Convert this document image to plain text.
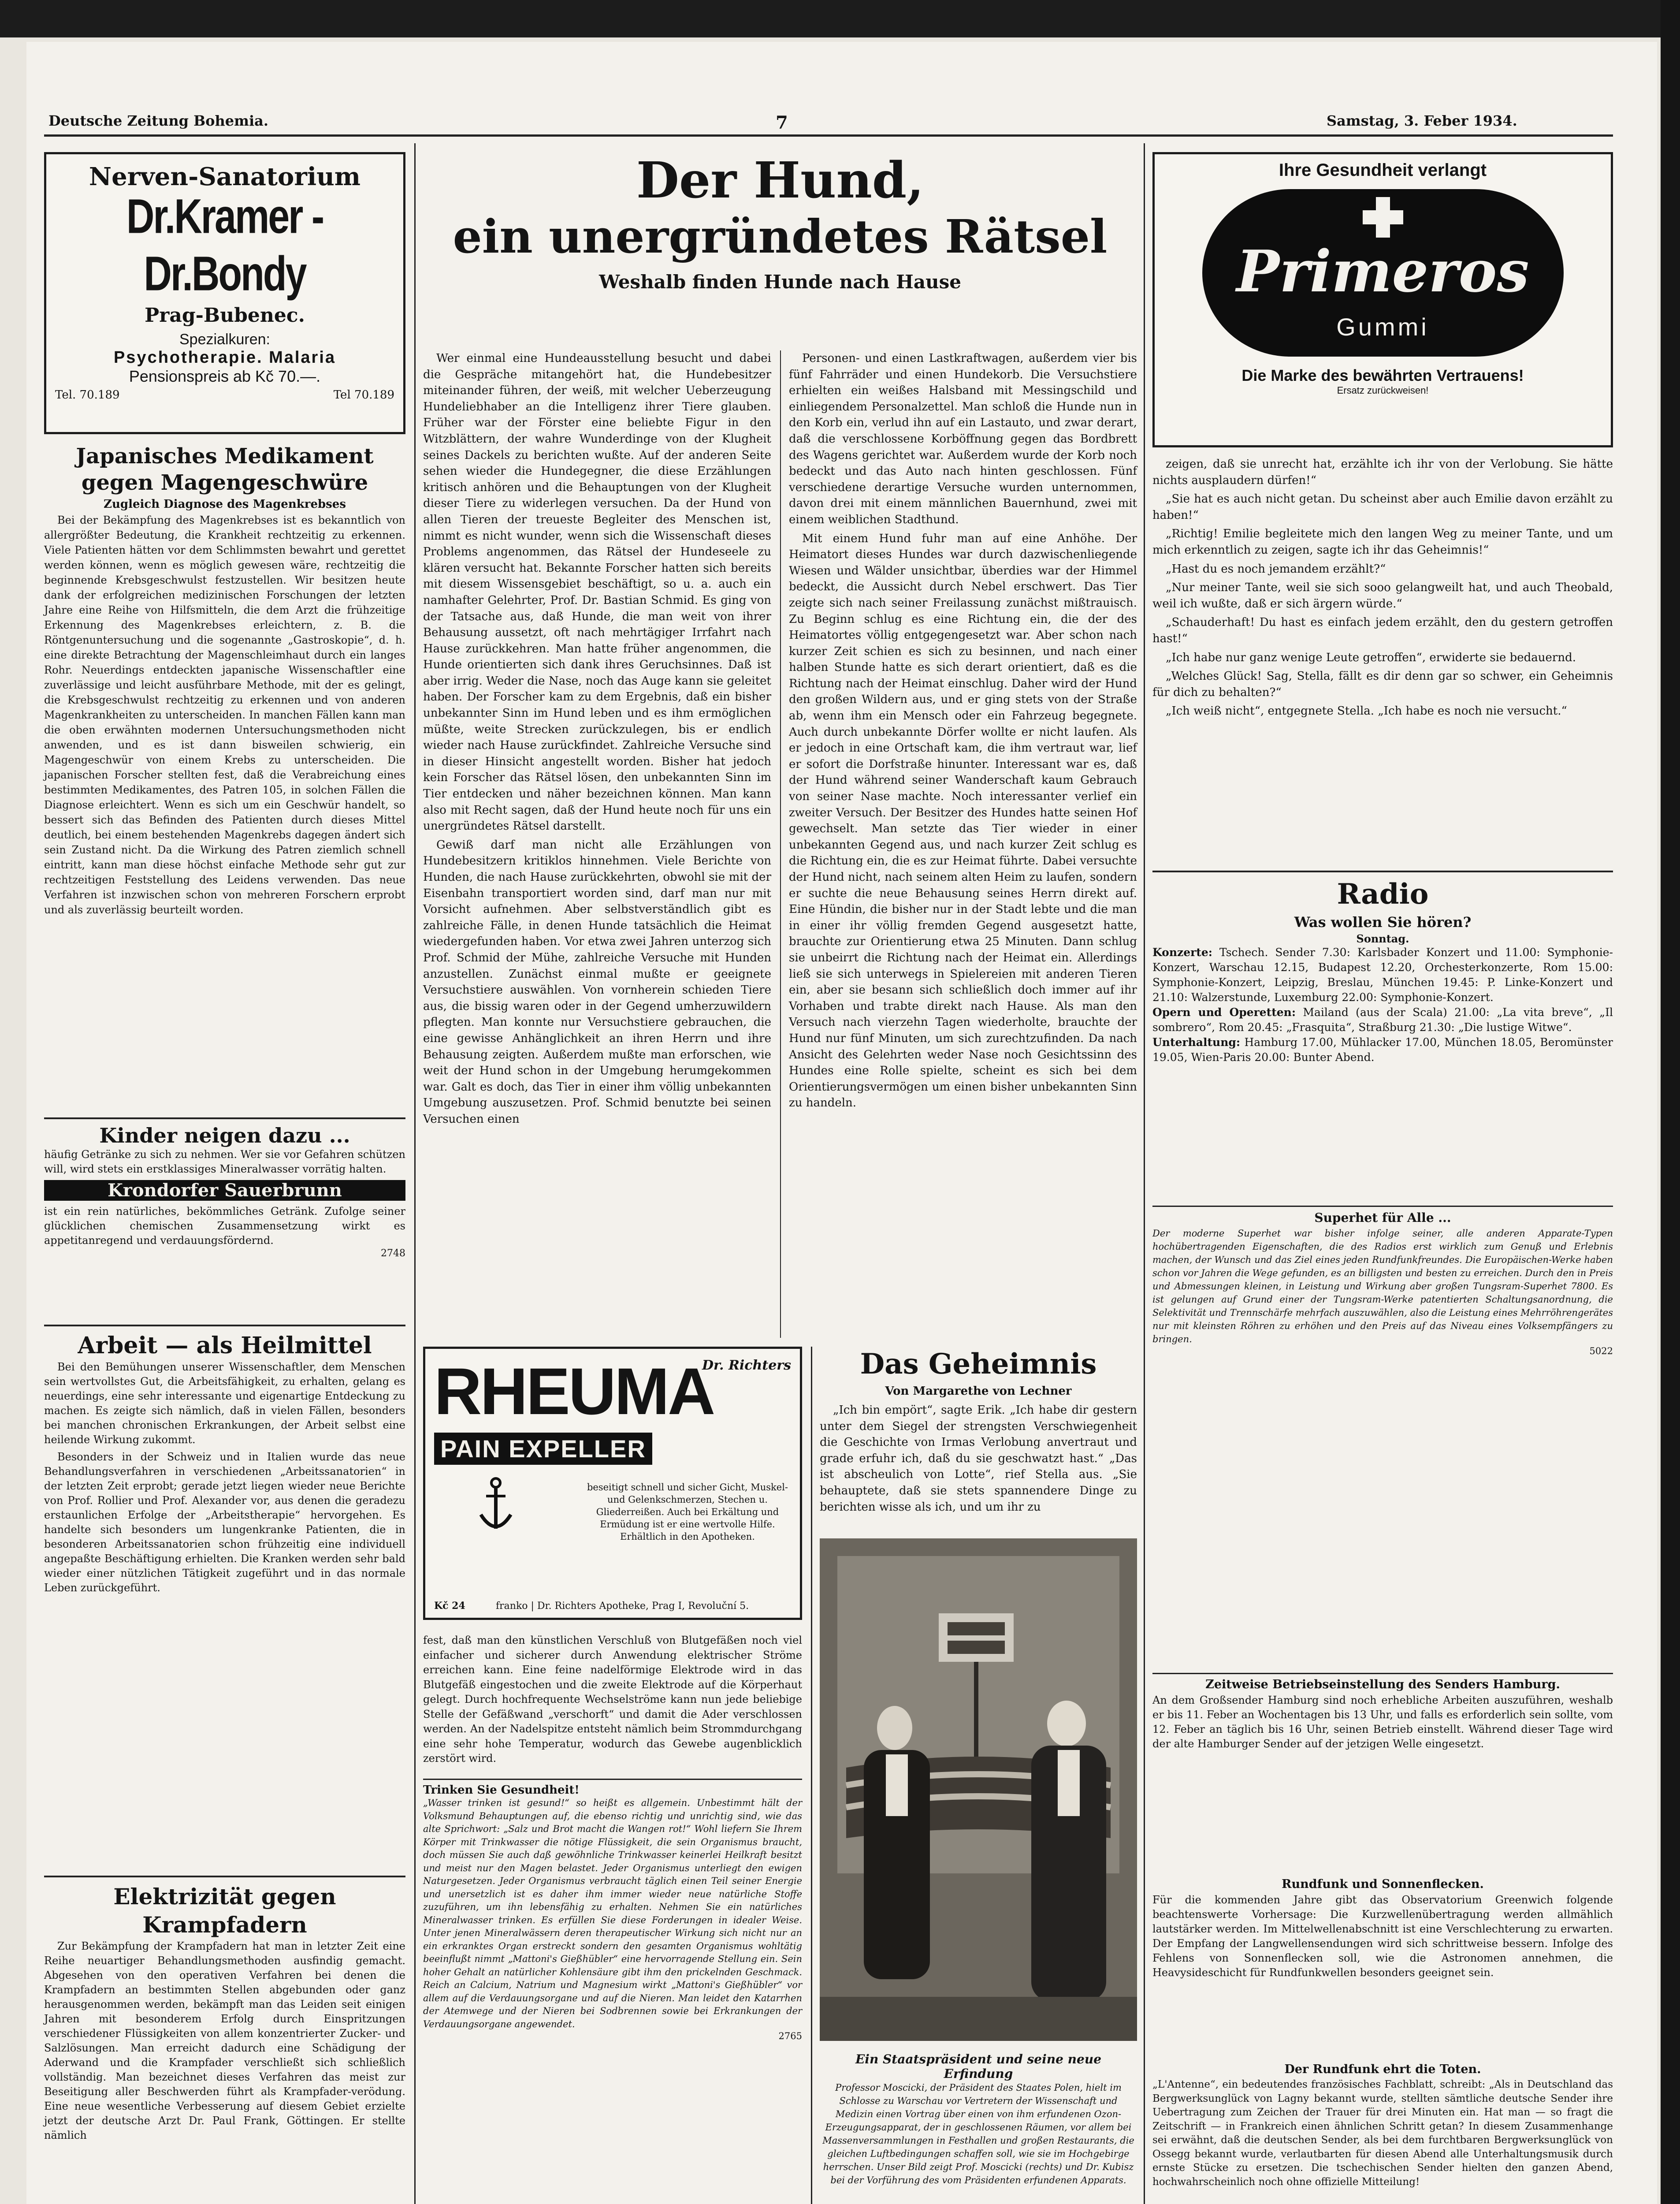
Deutsche Zeitung Bohemia.	7	Samstag, 3. Feber 1934.
Nerven-Sanatorium
Dr.Kramer - Dr.Bondy
Prag-Bubenec.
Spezialkuren:
Psychotherapie. Malaria
Pensionspreis ab Kč 70.—.
Tel. 70.189	Tel 70.189
Japanisches Medikament gegen Magengeschwüre
Zugleich Diagnose des Magenkrebses

Bei der Bekämpfung des Magenkrebses ist es bekanntlich von allergrößter Bedeutung, die Krankheit rechtzeitig zu erkennen. Viele Patienten hätten vor dem Schlimmsten bewahrt und gerettet werden können, wenn es möglich gewesen wäre, rechtzeitig die beginnende Krebsgeschwulst festzustellen. Wir besitzen heute dank der erfolgreichen medizinischen Forschungen der letzten Jahre eine Reihe von Hilfsmitteln, die dem Arzt die frühzeitige Erkennung des Magenkrebses erleichtern, z. B. die Röntgenuntersuchung und die sogenannte „Gastroskopie“, d. h. eine direkte Betrachtung der Magenschleimhaut durch ein langes Rohr. Neuerdings entdeckten japanische Wissenschaftler eine zuverlässige und leicht ausführbare Methode, mit der es gelingt, die Krebsgeschwulst rechtzeitig zu erkennen und von anderen Magenkrankheiten zu unterscheiden. In manchen Fällen kann man die oben erwähnten modernen Untersuchungsmethoden nicht anwenden, und es ist dann bisweilen schwierig, ein Magengeschwür von einem Krebs zu unterscheiden. Die japanischen Forscher stellten fest, daß die Verabreichung eines bestimmten Medikamentes, des Patren 105, in solchen Fällen die Diagnose erleichtert. Wenn es sich um ein Geschwür handelt, so bessert sich das Befinden des Patienten durch dieses Mittel deutlich, bei einem bestehenden Magenkrebs dagegen ändert sich sein Zustand nicht. Da die Wirkung des Patren ziemlich schnell eintritt, kann man diese höchst einfache Methode sehr gut zur rechtzeitigen Feststellung des Leidens verwenden. Das neue Verfahren ist inzwischen schon von mehreren Forschern erprobt und als zuverlässig beurteilt worden.

Kinder neigen dazu ...
häufig Getränke zu sich zu nehmen. Wer sie vor Gefahren schützen will, wird stets ein erstklassiges Mineralwasser vorrätig halten.
Krondorfer Sauerbrunn
ist ein rein natürliches, bekömmliches Getränk. Zufolge seiner glücklichen chemischen Zusammensetzung wirkt es appetitanregend und verdauungsfördernd.
2748
Arbeit — als Heilmittel

Bei den Bemühungen unserer Wissenschaftler, dem Menschen sein wertvollstes Gut, die Arbeitsfähigkeit, zu erhalten, gelang es neuerdings, eine sehr interessante und eigenartige Entdeckung zu machen. Es zeigte sich nämlich, daß in vielen Fällen, besonders bei manchen chronischen Erkrankungen, der Arbeit selbst eine heilende Wirkung zukommt.

Besonders in der Schweiz und in Italien wurde das neue Behandlungsverfahren in verschiedenen „Arbeitssanatorien“ in der letzten Zeit erprobt; gerade jetzt liegen wieder neue Berichte von Prof. Rollier und Prof. Alexander vor, aus denen die geradezu erstaunlichen Erfolge der „Arbeitstherapie“ hervorgehen. Es handelte sich besonders um lungenkranke Patienten, die in besonderen Arbeitssanatorien schon frühzeitig eine individuell angepaßte Beschäftigung erhielten. Die Kranken werden sehr bald wieder einer nützlichen Tätigkeit zugeführt und in das normale Leben zurückgeführt.

Elektrizität gegen Krampfadern

Zur Bekämpfung der Krampfadern hat man in letzter Zeit eine Reihe neuartiger Behandlungsmethoden ausfindig gemacht. Abgesehen von den operativen Verfahren bei denen die Krampfadern an bestimmten Stellen abgebunden oder ganz herausgenommen werden, bekämpft man das Leiden seit einigen Jahren mit besonderem Erfolg durch Einspritzungen verschiedener Flüssigkeiten von allem konzentrierter Zucker- und Salzlösungen. Man erreicht dadurch eine Schädigung der Aderwand und die Krampfader verschließt sich schließlich vollständig. Man bezeichnet dieses Verfahren das meist zur Beseitigung aller Beschwerden führt als Krampfader-verödung. Eine neue wesentliche Verbesserung auf diesem Gebiet erzielte jetzt der deutsche Arzt Dr. Paul Frank, Göttingen. Er stellte nämlich

Der Hund,
ein unergründetes Rätsel
Weshalb finden Hunde nach Hause

Wer einmal eine Hundeausstellung besucht und dabei die Gespräche mitangehört hat, die Hundebesitzer miteinander führen, der weiß, mit welcher Ueberzeugung Hundeliebhaber an die Intelligenz ihrer Tiere glauben. Früher war der Förster eine beliebte Figur in den Witzblättern, der wahre Wunderdinge von der Klugheit seines Dackels zu berichten wußte. Auf der anderen Seite sehen wieder die Hundegegner, die diese Erzählungen kritisch anhören und die Behauptungen von der Klugheit dieser Tiere zu widerlegen versuchen. Da der Hund von allen Tieren der treueste Begleiter des Menschen ist, nimmt es nicht wunder, wenn sich die Wissenschaft dieses Problems angenommen, das Rätsel der Hundeseele zu klären versucht hat. Bekannte Forscher hatten sich bereits mit diesem Wissensgebiet beschäftigt, so u. a. auch ein namhafter Gelehrter, Prof. Dr. Bastian Schmid. Es ging von der Tatsache aus, daß Hunde, die man weit von ihrer Behausung aussetzt, oft nach mehrtägiger Irrfahrt nach Hause zurückkehren. Man hatte früher angenommen, die Hunde orientierten sich dank ihres Geruchsinnes. Daß ist aber irrig. Weder die Nase, noch das Auge kann sie geleitet haben. Der Forscher kam zu dem Ergebnis, daß ein bisher unbekannter Sinn im Hund leben und es ihm ermöglichen müßte, weite Strecken zurückzulegen, bis er endlich wieder nach Hause zurückfindet. Zahlreiche Versuche sind in dieser Hinsicht angestellt worden. Bisher hat jedoch kein Forscher das Rätsel lösen, den unbekannten Sinn im Tier entdecken und näher bezeichnen können. Man kann also mit Recht sagen, daß der Hund heute noch für uns ein unergründetes Rätsel darstellt.

Gewiß darf man nicht alle Erzählungen von Hundebesitzern kritiklos hinnehmen. Viele Berichte von Hunden, die nach Hause zurückkehrten, obwohl sie mit der Eisenbahn transportiert worden sind, darf man nur mit Vorsicht aufnehmen. Aber selbstverständlich gibt es zahlreiche Fälle, in denen Hunde tatsächlich die Heimat wiedergefunden haben. Vor etwa zwei Jahren unterzog sich Prof. Schmid der Mühe, zahlreiche Versuche mit Hunden anzustellen. Zunächst einmal mußte er geeignete Versuchstiere auswählen. Von vornherein schieden Tiere aus, die bissig waren oder in der Gegend umherzuwildern pflegten. Man konnte nur Versuchstiere gebrauchen, die eine gewisse Anhänglichkeit an ihren Herrn und ihre Behausung zeigten. Außerdem mußte man erforschen, wie weit der Hund schon in der Umgebung herumgekommen war. Galt es doch, das Tier in einer ihm völlig unbekannten Umgebung auszusetzen. Prof. Schmid benutzte bei seinen Versuchen einen

Personen- und einen Lastkraftwagen, außerdem vier bis fünf Fahrräder und einen Hundekorb. Die Versuchstiere erhielten ein weißes Halsband mit Messingschild und einliegendem Personalzettel. Man schloß die Hunde nun in den Korb ein, verlud ihn auf ein Lastauto, und zwar derart, daß die verschlossene Korböffnung gegen das Bordbrett des Wagens gerichtet war. Außerdem wurde der Korb noch bedeckt und das Auto nach hinten geschlossen. Fünf verschiedene derartige Versuche wurden unternommen, davon drei mit einem männlichen Bauernhund, zwei mit einem weiblichen Stadthund.

Mit einem Hund fuhr man auf eine Anhöhe. Der Heimatort dieses Hundes war durch dazwischenliegende Wiesen und Wälder unsichtbar, überdies war der Himmel bedeckt, die Aussicht durch Nebel erschwert. Das Tier zeigte sich nach seiner Freilassung zunächst mißtrauisch. Zu Beginn schlug es eine Richtung ein, die der des Heimatortes völlig entgegengesetzt war. Aber schon nach kurzer Zeit schien es sich zu besinnen, und nach einer halben Stunde hatte es sich derart orientiert, daß es die Richtung nach der Heimat einschlug. Daher wird der Hund den großen Wildern aus, und er ging stets von der Straße ab, wenn ihm ein Mensch oder ein Fahrzeug begegnete. Auch durch unbekannte Dörfer wollte er nicht laufen. Als er jedoch in eine Ortschaft kam, die ihm vertraut war, lief er sofort die Dorfstraße hinunter. Interessant war es, daß der Hund während seiner Wanderschaft kaum Gebrauch von seiner Nase machte. Noch interessanter verlief ein zweiter Versuch. Der Besitzer des Hundes hatte seinen Hof gewechselt. Man setzte das Tier wieder in einer unbekannten Gegend aus, und nach kurzer Zeit schlug es die Richtung ein, die es zur Heimat führte. Dabei versuchte der Hund nicht, nach seinem alten Heim zu laufen, sondern er suchte die neue Behausung seines Herrn direkt auf. Eine Hündin, die bisher nur in der Stadt lebte und die man in einer ihr völlig fremden Gegend ausgesetzt hatte, brauchte zur Orientierung etwa 25 Minuten. Dann schlug sie unbeirrt die Richtung nach der Heimat ein. Allerdings ließ sie sich unterwegs in Spielereien mit anderen Tieren ein, aber sie besann sich schließlich doch immer auf ihr Vorhaben und trabte direkt nach Hause. Als man den Versuch nach vierzehn Tagen wiederholte, brauchte der Hund nur fünf Minuten, um sich zurechtzufinden. Da nach Ansicht des Gelehrten weder Nase noch Gesichtssinn des Hundes eine Rolle spielte, scheint es sich bei dem Orientierungsvermögen um einen bisher unbekannten Sinn zu handeln.

RHEUMA
Dr. Richters
PAIN EXPELLER
beseitigt schnell und sicher Gicht, Muskel- und Gelenkschmerzen, Stechen u. Gliederreißen. Auch bei Erkältung und Ermüdung ist er eine wertvolle Hilfe. Erhältlich in den Apotheken.
Kč 24	franko | Dr. Richters Apotheke, Prag I, Revoluční 5.
fest, daß man den künstlichen Verschluß von Blutgefäßen noch viel einfacher und sicherer durch Anwendung elektrischer Ströme erreichen kann. Eine feine nadelförmige Elektrode wird in das Blutgefäß eingestochen und die zweite Elektrode auf die Körperhaut gelegt. Durch hochfrequente Wechselströme kann nun jede beliebige Stelle der Gefäßwand „verschorft“ und damit die Ader verschlossen werden. An der Nadelspitze entsteht nämlich beim Strommdurchgang eine sehr hohe Temperatur, wodurch das Gewebe augenblicklich zerstört wird.
Trinken Sie Gesundheit!
„Wasser trinken ist gesund!“ so heißt es allgemein. Unbestimmt hält der Volksmund Behauptungen auf, die ebenso richtig und unrichtig sind, wie das alte Sprichwort: „Salz und Brot macht die Wangen rot!“ Wohl liefern Sie Ihrem Körper mit Trinkwasser die nötige Flüssigkeit, die sein Organismus braucht, doch müssen Sie auch daß gewöhnliche Trinkwasser keinerlei Heilkraft besitzt und meist nur den Magen belastet. Jeder Organismus unterliegt den ewigen Naturgesetzen. Jeder Organismus verbraucht täglich einen Teil seiner Energie und unersetzlich ist es daher ihm immer wieder neue natürliche Stoffe zuzuführen, um ihn lebensfähig zu erhalten. Nehmen Sie ein natürliches Mineralwasser trinken. Es erfüllen Sie diese Forderungen in idealer Weise. Unter jenen Mineralwässern deren therapeutischer Wirkung sich nicht nur an ein erkranktes Organ erstreckt sondern den gesamten Organismus wohltätig beeinflußt nimmt „Mattoni's Gießhübler“ eine hervorragende Stellung ein. Sein hoher Gehalt an natürlicher Kohlensäure gibt ihm den prickelnden Geschmack. Reich an Calcium, Natrium und Magnesium wirkt „Mattoni's Gießhübler“ vor allem auf die Verdauungsorgane und auf die Nieren. Man leidet den Katarrhen der Atemwege und der Nieren bei Sodbrennen sowie bei Erkrankungen der Verdauungsorgane angewendet.
2765
Das Geheimnis
Von Margarethe von Lechner

„Ich bin empört“, sagte Erik. „Ich habe dir gestern unter dem Siegel der strengsten Verschwiegenheit die Geschichte von Irmas Verlobung anvertraut und grade erfuhr ich, daß du sie geschwatzt hast.“ „Das ist abscheulich von Lotte“, rief Stella aus. „Sie behauptete, daß sie stets spannendere Dinge zu berichten wisse als ich, und um ihr zu

Ein Staatspräsident und seine neue Erfindung
Professor Moscicki, der Präsident des Staates Polen, hielt im Schlosse zu Warschau vor Vertretern der Wissenschaft und Medizin einen Vortrag über einen von ihm erfundenen Ozon-Erzeugungsapparat, der in geschlossenen Räumen, vor allem bei Massenversammlungen in Festhallen und großen Restaurants, die gleichen Luftbedingungen schaffen soll, wie sie im Hochgebirge herrschen. Unser Bild zeigt Prof. Moscicki (rechts) und Dr. Kubisz bei der Vorführung des vom Präsidenten erfundenen Apparats.
Ihre Gesundheit verlangt
Primeros
Gummi
Die Marke des bewährten Vertrauens!
Ersatz zurückweisen!

zeigen, daß sie unrecht hat, erzählte ich ihr von der Verlobung. Sie hätte nichts ausplaudern dürfen!“

„Sie hat es auch nicht getan. Du scheinst aber auch Emilie davon erzählt zu haben!“

„Richtig! Emilie begleitete mich den langen Weg zu meiner Tante, und um mich erkenntlich zu zeigen, sagte ich ihr das Geheimnis!“

„Hast du es noch jemandem erzählt?“

„Nur meiner Tante, weil sie sich sooo gelangweilt hat, und auch Theobald, weil ich wußte, daß er sich ärgern würde.“

„Schauderhaft! Du hast es einfach jedem erzählt, den du gestern getroffen hast!“

„Ich habe nur ganz wenige Leute getroffen“, erwiderte sie bedauernd.

„Welches Glück! Sag, Stella, fällt es dir denn gar so schwer, ein Geheimnis für dich zu behalten?“

„Ich weiß nicht“, entgegnete Stella. „Ich habe es noch nie versucht.“

Radio
Was wollen Sie hören?
Sonntag.
Konzerte: Tschech. Sender 7.30: Karlsbader Konzert und 11.00: Symphonie-Konzert, Warschau 12.15, Budapest 12.20, Orchesterkonzerte, Rom 15.00: Symphonie-Konzert, Leipzig, Breslau, München 19.45: P. Linke-Konzert und 21.10: Walzerstunde, Luxemburg 22.00: Symphonie-Konzert.
Opern und Operetten: Mailand (aus der Scala) 21.00: „La vita breve“, „Il sombrero“, Rom 20.45: „Frasquita“, Straßburg 21.30: „Die lustige Witwe“.
Unterhaltung: Hamburg 17.00, Mühlacker 17.00, München 18.05, Beromünster 19.05, Wien-Paris 20.00: Bunter Abend.
Superhet für Alle ...
Der moderne Superhet war bisher infolge seiner, alle anderen Apparate-Typen hochübertragenden Eigenschaften, die des Radios erst wirklich zum Genuß und Erlebnis machen, der Wunsch und das Ziel eines jeden Rundfunkfreundes. Die Europäischen-Werke haben schon vor Jahren die Wege gefunden, es an billigsten und besten zu erreichen. Durch den in Preis und Abmessungen kleinen, in Leistung und Wirkung aber großen Tungsram-Superhet 7800. Es ist gelungen auf Grund einer der Tungsram-Werke patentierten Schaltungsanordnung, die Selektivität und Trennschärfe mehrfach auszuwählen, also die Leistung eines Mehrröhrengerätes nur mit kleinsten Röhren zu erhöhen und den Preis auf das Niveau eines Volksempfängers zu bringen.
5022
Zeitweise Betriebseinstellung des Senders Hamburg.
An dem Großsender Hamburg sind noch erhebliche Arbeiten auszuführen, weshalb er bis 11. Feber an Wochentagen bis 13 Uhr, und falls es erforderlich sein sollte, vom 12. Feber an täglich bis 16 Uhr, seinen Betrieb einstellt. Während dieser Tage wird der alte Hamburger Sender auf der jetzigen Welle eingesetzt.
Rundfunk und Sonnenflecken.
Für die kommenden Jahre gibt das Observatorium Greenwich folgende beachtenswerte Vorhersage: Die Kurzwellenübertragung werden allmählich lautstärker werden. Im Mittelwellenabschnitt ist eine Verschlechterung zu erwarten. Der Empfang der Langwellensendungen wird sich schrittweise bessern. Infolge des Fehlens von Sonnenflecken soll, wie die Astronomen annehmen, die Heavysideschicht für Rundfunkwellen besonders geeignet sein.
Der Rundfunk ehrt die Toten.
„L'Antenne“, ein bedeutendes französisches Fachblatt, schreibt: „Als in Deutschland das Bergwerksunglück von Lagny bekannt wurde, stellten sämtliche deutsche Sender ihre Uebertragung zum Zeichen der Trauer für drei Minuten ein. Hat man — so fragt die Zeitschrift — in Frankreich einen ähnlichen Schritt getan? In diesem Zusammenhange sei erwähnt, daß die deutschen Sender, als bei dem furchtbaren Bergwerksunglück von Ossegg bekannt wurde, verlautbarten für diesen Abend alle Unterhaltungsmusik durch ernste Stücke zu ersetzen. Die tschechischen Sender hielten den ganzen Abend, hochwahrscheinlich noch ohne offizielle Mitteilung!
